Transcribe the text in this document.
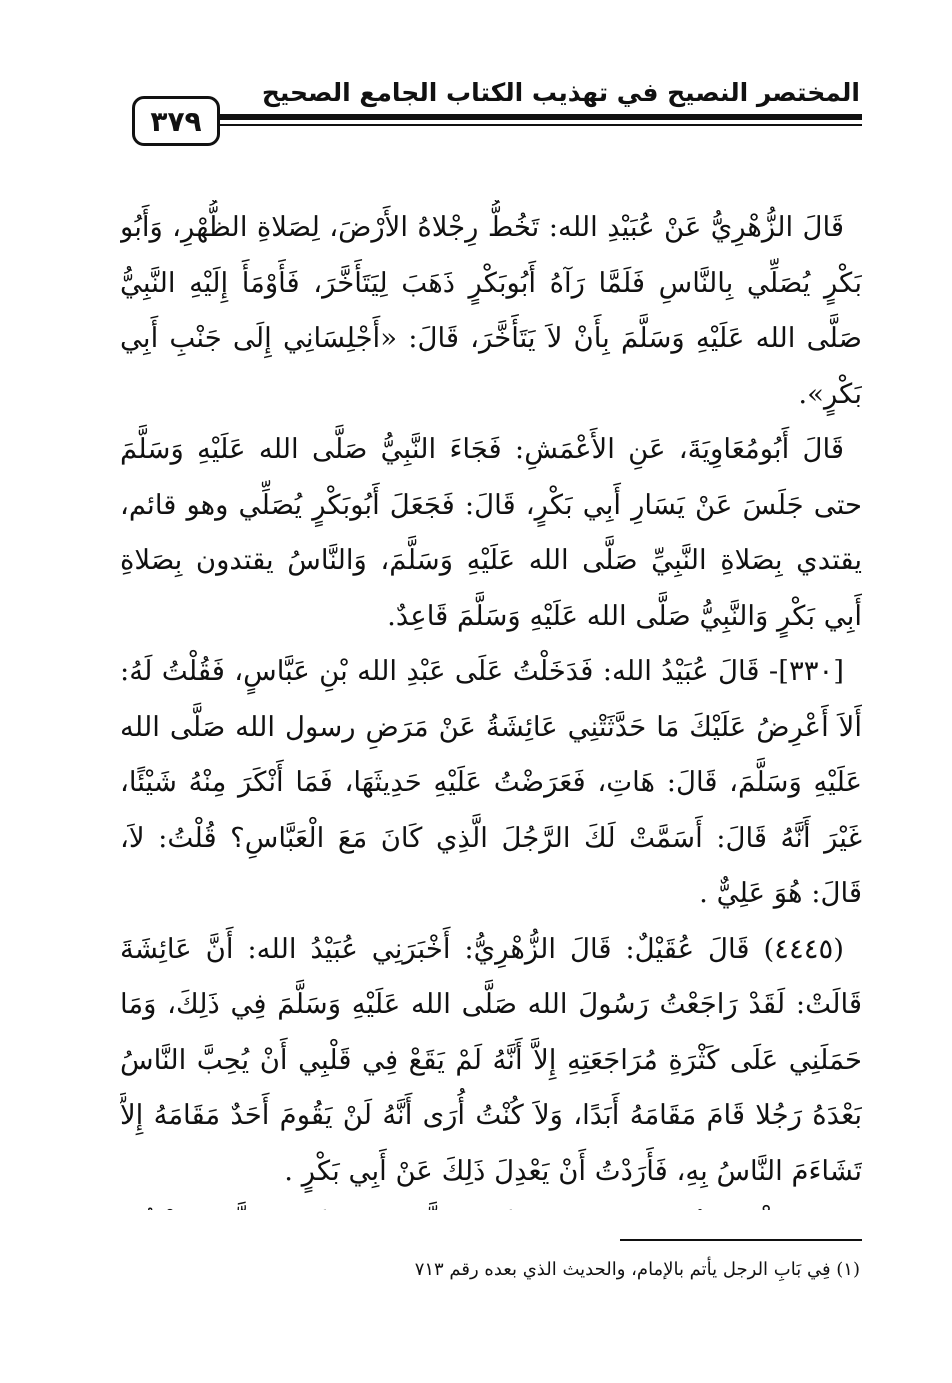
المختصر النصيح في تهذيب الكتاب الجامع الصحيح
٣٧٩

قَالَ الزُّهْرِيُّ عَنْ عُبَيْدِ الله: تَخُطُّ رِجْلاهُ الأَرْضَ، لِصَلاةِ الظُّهْرِ، وَأَبُو بَكْرٍ يُصَلِّي بِالنَّاسِ فَلَمَّا رَآهُ أَبُوبَكْرٍ ذَهَبَ لِيَتَأَخَّرَ، فَأَوْمَأَ إِلَيْهِ النَّبِيُّ صَلَّى الله عَلَيْهِ وَسَلَّمَ بِأَنْ لاَ يَتَأَخَّرَ، قَالَ: «أَجْلِسَانِي إِلَى جَنْبِ أَبِي بَكْرٍ».

قَالَ أَبُومُعَاوِيَةَ، عَنِ الأَعْمَشِ: فَجَاءَ النَّبِيُّ صَلَّى الله عَلَيْهِ وَسَلَّمَ حتى جَلَسَ عَنْ يَسَارِ أَبِي بَكْرٍ، قَالَ: فَجَعَلَ أَبُوبَكْرٍ يُصَلِّي وهو قائم، يقتدي بِصَلاةِ النَّبِيِّ صَلَّى الله عَلَيْهِ وَسَلَّمَ، وَالنَّاسُ يقتدون بِصَلاةِ أَبِي بَكْرٍ وَالنَّبِيُّ صَلَّى الله عَلَيْهِ وَسَلَّمَ قَاعِدٌ.

[٣٣٠]- قَالَ عُبَيْدُ الله: فَدَخَلْتُ عَلَى عَبْدِ الله بْنِ عَبَّاسٍ، فَقُلْتُ لَهُ: أَلاَ أَعْرِضُ عَلَيْكَ مَا حَدَّثَتْنِي عَائِشَةُ عَنْ مَرَضِ رسول الله صَلَّى الله عَلَيْهِ وَسَلَّمَ، قَالَ: هَاتِ، فَعَرَضْتُ عَلَيْهِ حَدِيثَهَا، فَمَا أَنْكَرَ مِنْهُ شَيْئًا، غَيْرَ أَنَّهُ قَالَ: أَسَمَّتْ لَكَ الرَّجُلَ الَّذِي كَانَ مَعَ الْعَبَّاسِ؟ قُلْتُ: لاَ، قَالَ: هُوَ عَلِيٌّ .

(٤٤٤٥) قَالَ عُقَيْلٌ: قَالَ الزُّهْرِيُّ: أَخْبَرَنِي عُبَيْدُ الله: أَنَّ عَائِشَةَ قَالَتْ: لَقَدْ رَاجَعْتُ رَسُولَ الله صَلَّى الله عَلَيْهِ وَسَلَّمَ فِي ذَلِكَ، وَمَا حَمَلَنِي عَلَى كَثْرَةِ مُرَاجَعَتِهِ إِلاَّ أَنَّهُ لَمْ يَقَعْ فِي قَلْبِي أَنْ يُحِبَّ النَّاسُ بَعْدَهُ رَجُلا قَامَ مَقَامَهُ أَبَدًا، وَلاَ كُنْتُ أُرَى أَنَّهُ لَنْ يَقُومَ أَحَدٌ مَقَامَهُ إِلاَّ تَشَاءَمَ النَّاسُ بِهِ، فَأَرَدْتُ أَنْ يَعْدِلَ ذَلِكَ عَنْ أَبِي بَكْرٍ .

(١) فِي بَابِ الرجل يأتم بالإمام، والحديث الذي بعده رقم ٧١٣
